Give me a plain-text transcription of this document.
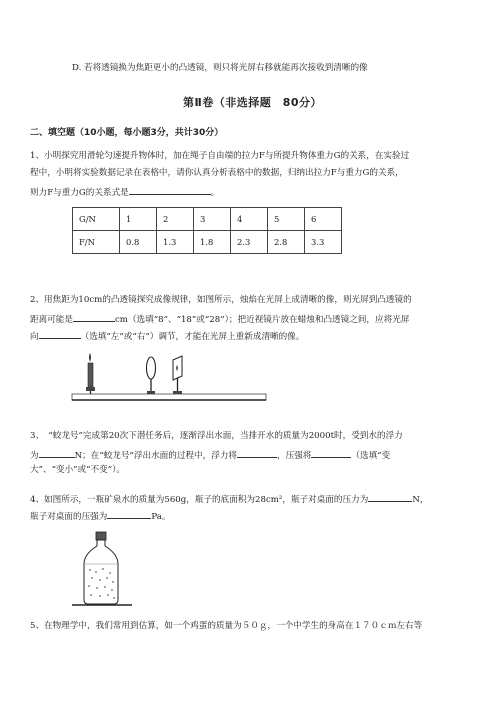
D. 若将透镜换为焦距更小的凸透镜，则只将光屏右移就能再次接收到清晰的像
第Ⅱ卷（非选择题　80分）
二、填空题（10小题，每小题3分，共计30分）
1、小明探究用滑轮匀速提升物体时，加在绳子自由端的拉力F与所提升物体重力G的关系，在实验过
程中，小明将实验数据记录在表格中，请你认真分析表格中的数据，归纳出拉力F与重力G的关系，
则力F与重力G的关系式是	。
G/N	1	2	3	4	5	6
F/N	0.8	1.3	1.8	2.3	2.8	3.3
2、用焦距为10cm的凸透镜探究成像规律，如图所示，烛焰在光屏上成清晰的像，则光屏到凸透镜的
距离可能是	cm（选填“8”、“18”或“28”）；把近视镜片放在蜡烛和凸透镜之间，应将光屏
向	（选填“左”或“右”）调节，才能在光屏上重新成清晰的像。
3、　“蛟龙号”完成第20次下潜任务后，逐渐浮出水面，当排开水的质量为2000t时，受到水的浮力
为	N；在“蛟龙号”浮出水面的过程中，浮力将	，压强将	（选填“变
大”、“变小”或“不变”）。
4、如图所示，一瓶矿泉水的质量为560g，瓶子的底面积为28cm²，瓶子对桌面的压力为	N，
瓶子对桌面的压强为	Pa。
5、在物理学中，我们常用到估算，如一个鸡蛋的质量为５０ｇ，一个中学生的身高在１７０ｃｍ左右等
